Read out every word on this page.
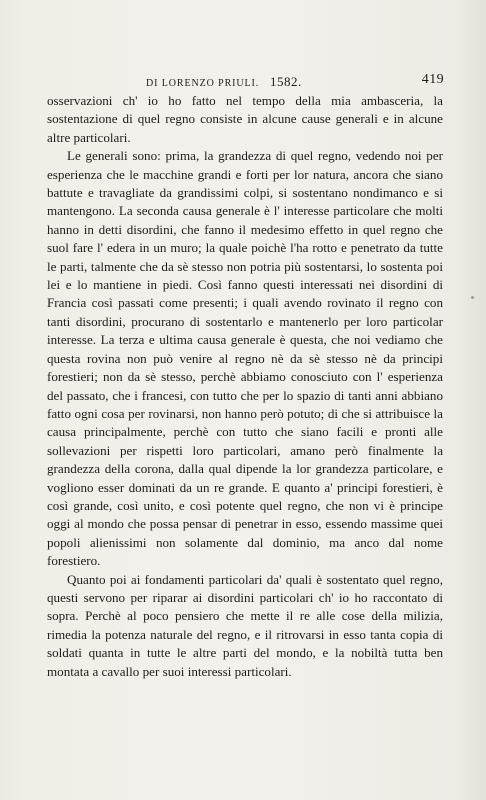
DI LORENZO PRIULI.  1582.	419

osservazioni ch' io ho fatto nel tempo della mia ambasceria, la sostentazione di quel regno consiste in alcune cause generali e in alcune altre particolari.

Le generali sono: prima, la grandezza di quel regno, vedendo noi per esperienza che le macchine grandi e forti per lor natura, ancora che siano battute e travagliate da grandissimi colpi, si sostentano nondimanco e si mantengono. La seconda causa generale è l' interesse particolare che molti hanno in detti disordini, che fanno il medesimo effetto in quel regno che suol fare l' edera in un muro; la quale poichè l'ha rotto e penetrato da tutte le parti, talmente che da sè stesso non potria più sostentarsi, lo sostenta poi lei e lo mantiene in piedi. Così fanno questi interessati nei disordini di Francia così passati come presenti; i quali avendo rovinato il regno con tanti disordini, procurano di sostentarlo e mantenerlo per loro particolar interesse. La terza e ultima causa generale è questa, che noi vediamo che questa rovina non può venire al regno nè da sè stesso nè da principi forestieri; non da sè stesso, perchè abbiamo conosciuto con l' esperienza del passato, che i francesi, con tutto che per lo spazio di tanti anni abbiano fatto ogni cosa per rovinarsi, non hanno però potuto; di che si attribuisce la causa principalmente, perchè con tutto che siano facili e pronti alle sollevazioni per rispetti loro particolari, amano però finalmente la grandezza della corona, dalla qual dipende la lor grandezza particolare, e vogliono esser dominati da un re grande. E quanto a' principi forestieri, è così grande, così unito, e così potente quel regno, che non vi è principe oggi al mondo che possa pensar di penetrar in esso, essendo massime quei popoli alienissimi non solamente dal dominio, ma anco dal nome forestiero.

Quanto poi ai fondamenti particolari da' quali è sostentato quel regno, questi servono per riparar ai disordini particolari ch' io ho raccontato di sopra. Perchè al poco pensiero che mette il re alle cose della milizia, rimedia la potenza naturale del regno, e il ritrovarsi in esso tanta copia di soldati quanta in tutte le altre parti del mondo, e la nobiltà tutta ben montata a cavallo per suoi interessi particolari.
